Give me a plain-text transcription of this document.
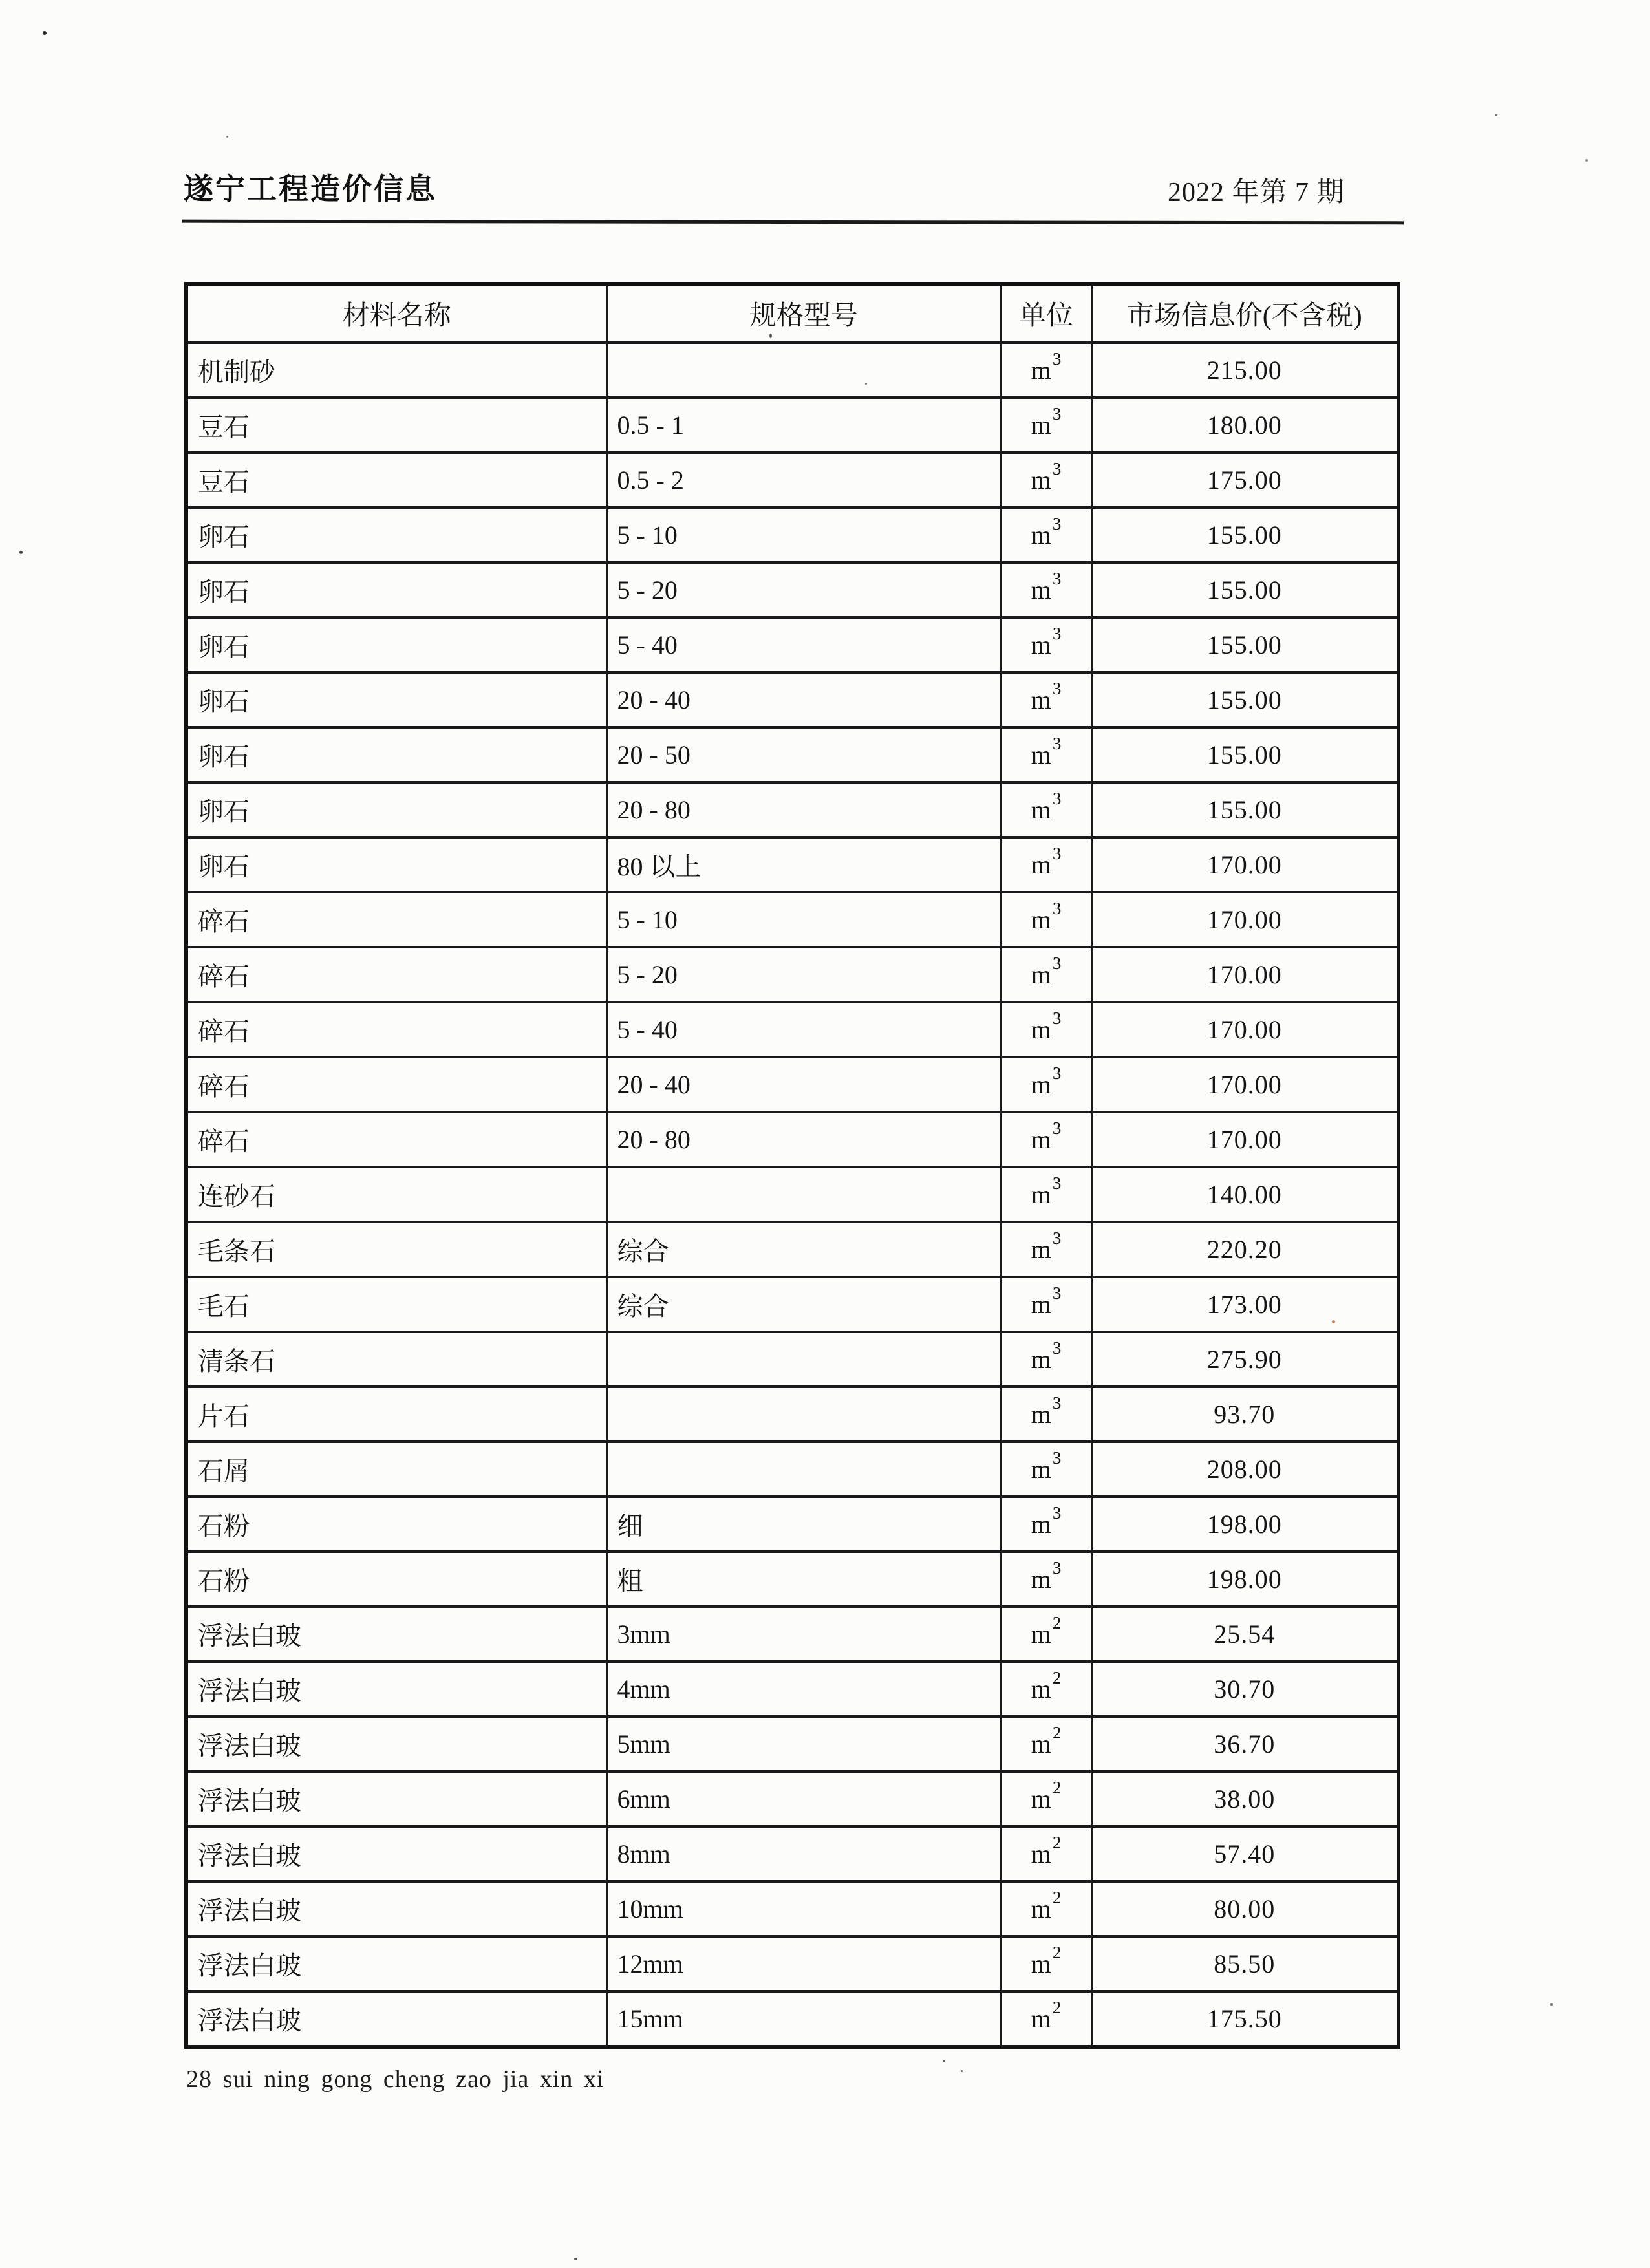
遂宁工程造价信息	2022 年第 7 期
材料名称	规格型号	单位	市场信息价(不含税)
机制砂		$m^3$	215.00
豆石	0.5 - 1	$m^3$	180.00
豆石	0.5 - 2	$m^3$	175.00
卵石	5 - 10	$m^3$	155.00
卵石	5 - 20	$m^3$	155.00
卵石	5 - 40	$m^3$	155.00
卵石	20 - 40	$m^3$	155.00
卵石	20 - 50	$m^3$	155.00
卵石	20 - 80	$m^3$	155.00
卵石	80 以上	$m^3$	170.00
碎石	5 - 10	$m^3$	170.00
碎石	5 - 20	$m^3$	170.00
碎石	5 - 40	$m^3$	170.00
碎石	20 - 40	$m^3$	170.00
碎石	20 - 80	$m^3$	170.00
连砂石		$m^3$	140.00
毛条石	综合	$m^3$	220.20
毛石	综合	$m^3$	173.00
清条石		$m^3$	275.90
片石		$m^3$	93.70
石屑		$m^3$	208.00
石粉	细	$m^3$	198.00
石粉	粗	$m^3$	198.00
浮法白玻	3mm	$m^2$	25.54
浮法白玻	4mm	$m^2$	30.70
浮法白玻	5mm	$m^2$	36.70
浮法白玻	6mm	$m^2$	38.00
浮法白玻	8mm	$m^2$	57.40
浮法白玻	10mm	$m^2$	80.00
浮法白玻	12mm	$m^2$	85.50
浮法白玻	15mm	$m^2$	175.50
28 sui ning gong cheng zao jia xin xi
